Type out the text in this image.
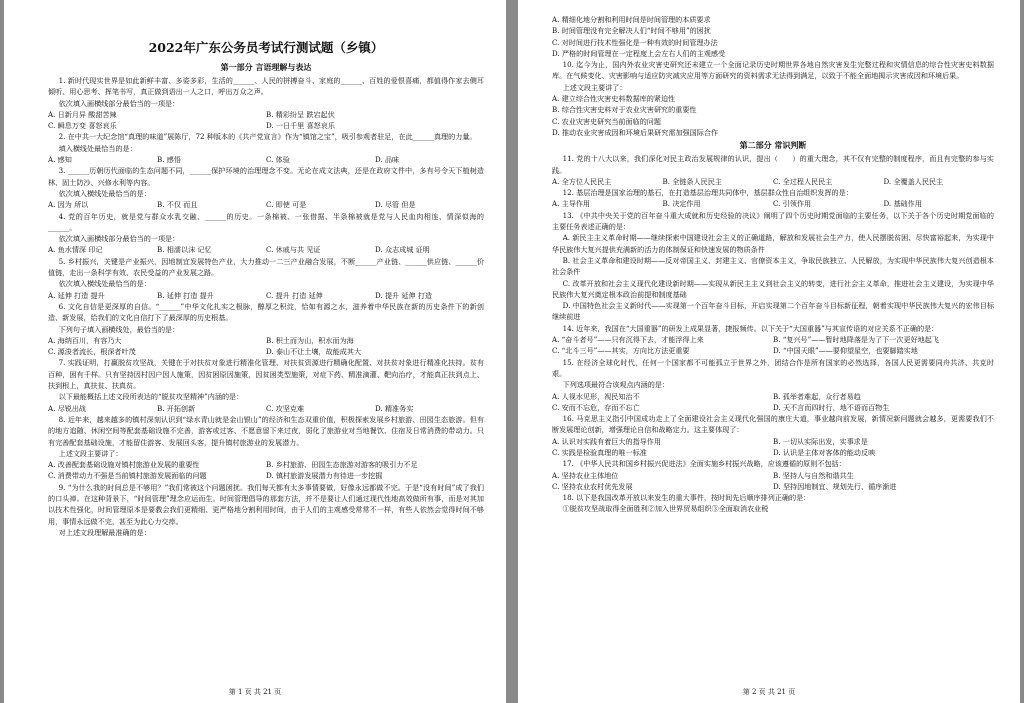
2022年广东公务员考试行测试题（乡镇）
第一部分 言语理解与表达

1. 新时代现实世界是如此新鲜丰富、多姿多彩，生活的______、人民的拼搏奋斗、家庭的______、百姓的爱恨喜痛，都值得作家去侧耳倾听、用心思考、挥笔书写，真正做到语出一人之口，呼出万众之声。

依次填入画横线部分最恰当的一项是：

A. 日新月异 酸甜苦辣	B. 精彩纷呈 跌宕起伏
C. 瞬息万变 喜怒哀乐	D. 一日千里 喜怒哀乐

2. 在中共一大纪念馆“真理的味道”展陈厅，72 种版本的《共产党宣言》作为“镇馆之宝”，吸引参观者驻足，在此______真理的力量。

填入横线处最恰当的是：

A. 感知	B. 感悟	C. 体验	D. 品味

3. ______历朝历代面临的生态问题不同，______保护环境的治理理念不变。无论在成文法典，还是在政府文件中，多有号令天下植树造林、固土防沙、兴修水利等内容。

依次填入横线处最恰当的是：

A. 因为 所以	B. 不仅 而且	C. 即使 可是	D. 尽管 但是

4. 党的百年历史，就是党与群众水乳交融、______的历史。一条棉被、一张借据、半条棉被就是党与人民血肉相连、情深似海的______。

依次填入画横线部分最恰当的一项是：

A. 鱼水情深 印记	B. 相濡以沫 记忆	C. 休戚与共 见证	D. 众志成城 证明

5. 乡村振兴，关键是产业振兴，因地制宜发展特色产业，大力推动一二三产业融合发展，不断______产业链、______供应链、______价值链，走出一条科学有效、农民受益的产业发展之路。

依次填入横线处最恰当的是：

A. 延伸 打造 提升	B. 延伸 打造 提升	C. 提升 打造 延伸	D. 提升 延伸 打造

6. 文化自信是更深厚的自信。“______”中华文化扎实之根脉，醇厚之积淀，恰如有源之水，滋养着中华民族在新的历史条件下的新创造、新发展，给我们的文化自信打下了最深厚的历史根基。

下列句子填入画横线处，最恰当的是：

A. 海纳百川，有容乃大	B. 积土而为山，积水而为海
C. 源浚者流长，根深者叶茂	D. 泰山不让土壤，故能成其大

7. 实践证明，打赢脱贫攻坚战，关键在于对扶贫对象进行精准化管理、对扶贫资源进行精确化配置、对扶贫对象进行精准化扶持。贫有百种，困有千样。只有坚持因村因户因人施策，因贫困原因施策，因贫困类型施策，对症下药、精准滴灌、靶向治疗，才能真正扶到点上、扶到根上，真扶贫、扶真贫。

以下最能概括上述文段所表达的“脱贫攻坚精神”内涵的是：

A. 尽锐出战	B. 开拓创新	C. 攻坚克难	D. 精准务实

8. 近年来，越来越多的镇村深刻认识到“绿水青山就是金山银山”的经济和生态双重价值，积极探索发展乡村旅游、田园生态旅游。但有的地方追随、休闲空间等配套基础设施不完善，游客或过客、不愿意留下来过夜，弱化了旅游业对当地餐饮、住宿及日常消费的带动力。只有完善配套基础设施，才能留住游客、发展回头客，提升镇村旅游业的发展潜力。

上述文段主要讲了：

A. 改善配套基础设施对镇村旅游业发展的重要性	B. 乡村旅游、田园生态旅游对游客的吸引力不足
C. 消费带动力不强是当前镇村旅游发展面临的问题	D. 镇村旅游发展潜力有待进一步挖掘

9. “为什么我的时间总是不够用？”我们常被这个问题困扰。我们每天都有太多事情要做，好像永远都做不完。于是“没有时间”成了我们的口头禅。在这种背景下，“时间管理”理念应运而生。时间管理倡导的那套方法，并不是要让人们通过现代性地高效做所有事，而是对其加以技术性强化，时间管理原本是要教会我们更精细、更严格地分割利用时间，由于人们的主观感受常常不一样，有些人依然会觉得时间不够用，事情永远做不完，甚至为此心力交瘁。

对上述文段理解最准确的是：

第 1 页 共 21 页

A. 精细化地分割和利用时间是时间管理的本质要求

B. 时间管理没有完全解决人们“时间不够用”的困扰

C. 对时间进行技术性强化是一种有效的时间管理办法

D. 严格的时间管理在一定程度上会左右人们的主观感受

10. 迄今为止，国内外农业灾害史研究还未建立一个全面记录历史时期世界各地自然灾害发生完整过程和灾情信息的综合性灾害史料数据库。在气候变化、灾害影响与适应防灾减灾应用等方面研究的资料需求无法得到满足，以致于不能全面地揭示灾害成因和环境后果。

上述文段主要讲了：

A. 建立综合性灾害史料数据库的紧迫性

B. 综合性灾害史料对于农业灾害研究的重要性

C. 农业灾害史研究当前面临的问题

D. 推动农业灾害成因和环境后果研究需加强国际合作

第二部分 常识判断

11. 党的十八大以来，我们深化对民主政治发展规律的认识，提出（　　）的重大理念，其不仅有完整的制度程序，而且有完整的参与实践。

A. 全方位人民民主	B. 全链条人民民主	C. 全过程人民民主	D. 全覆盖人民民主

12. 基层治理是国家治理的基石，在打造基层治理共同体中，基层群众性自治组织发挥的是：

A. 主导作用	B. 决定作用	C. 引领作用	D. 基础作用

13. 《中共中央关于党的百年奋斗重大成就和历史经验的决议》阐明了四个历史时期党面临的主要任务，以下关于各个历史时期党面临的主要任务表述正确的是：

A. 新民主主义革命时期——继续探索中国建设社会主义的正确道路，解放和发展社会生产力，使人民摆脱贫困、尽快富裕起来，为实现中华民族伟大复兴提供充满新的活力的体制保证和快速发展的物质条件

B. 社会主义革命和建设时期——反对帝国主义、封建主义、官僚资本主义，争取民族独立、人民解放，为实现中华民族伟大复兴创造根本社会条件

C. 改革开放和社会主义现代化建设新时期——实现从新民主主义到社会主义的转变，进行社会主义革命，推进社会主义建设，为实现中华民族伟大复兴奠定根本政治前提和制度基础

D. 中国特色社会主义新时代——实现第一个百年奋斗目标，开启实现第二个百年奋斗目标新征程，朝着实现中华民族伟大复兴的宏伟目标继续前进

14. 近年来，我国在“大国重器”的研发上成果显著，捷报频传。以下关于“大国重器”与其宣传语的对应关系不正确的是：

A. “奋斗者号”——只有沉得下去，才能浮得上来	B. “复兴号”——暂时地降落是为了下一次更好地起飞
C. “北斗三号”——其实，方向比方法更重要	D. “中国天眼”——要仰望星空，也要脚踏实地

15. 在经济全球化时代，任何一个国家都不可能孤立于世界之外，团结合作是所有国家的必然选择，各国人民更需要同舟共济、共克时艰。

下列选项最符合该观点内涵的是：

A. 人视水见形，视民知治不	B. 孤举者难起，众行者易趋
C. 安而不忘危，存而不忘亡	D. 天不言而四时行，地不语而百物生

16. 马克思主义指引中国成功走上了全面建设社会主义现代化强国的康庄大道，事业越向前发展，新情况新问题就会越多，更需要我们不断发展理论创新，增强理论自信和战略定力。这主要体现了：

A. 认识对实践有着巨大的指导作用	B. 一切从实际出发，实事求是
C. 实践是检验真理的唯一标准	D. 认识是主体对客体的能动反映

17. 《中华人民共和国乡村振兴促进法》全面实施乡村振兴战略，应该遵循的原则不包括：

A. 坚持农业主体地位	B. 坚持人与自然和谐共生
C. 坚持农业农村优先发展	D. 坚持因地制宜、规划先行、循序渐进

18. 以下是我国改革开放以来发生的重大事件，按时间先后顺序排列正确的是：

①脱贫攻坚战取得全面胜利②加入世界贸易组织③全面取消农业税

第 2 页 共 21 页
